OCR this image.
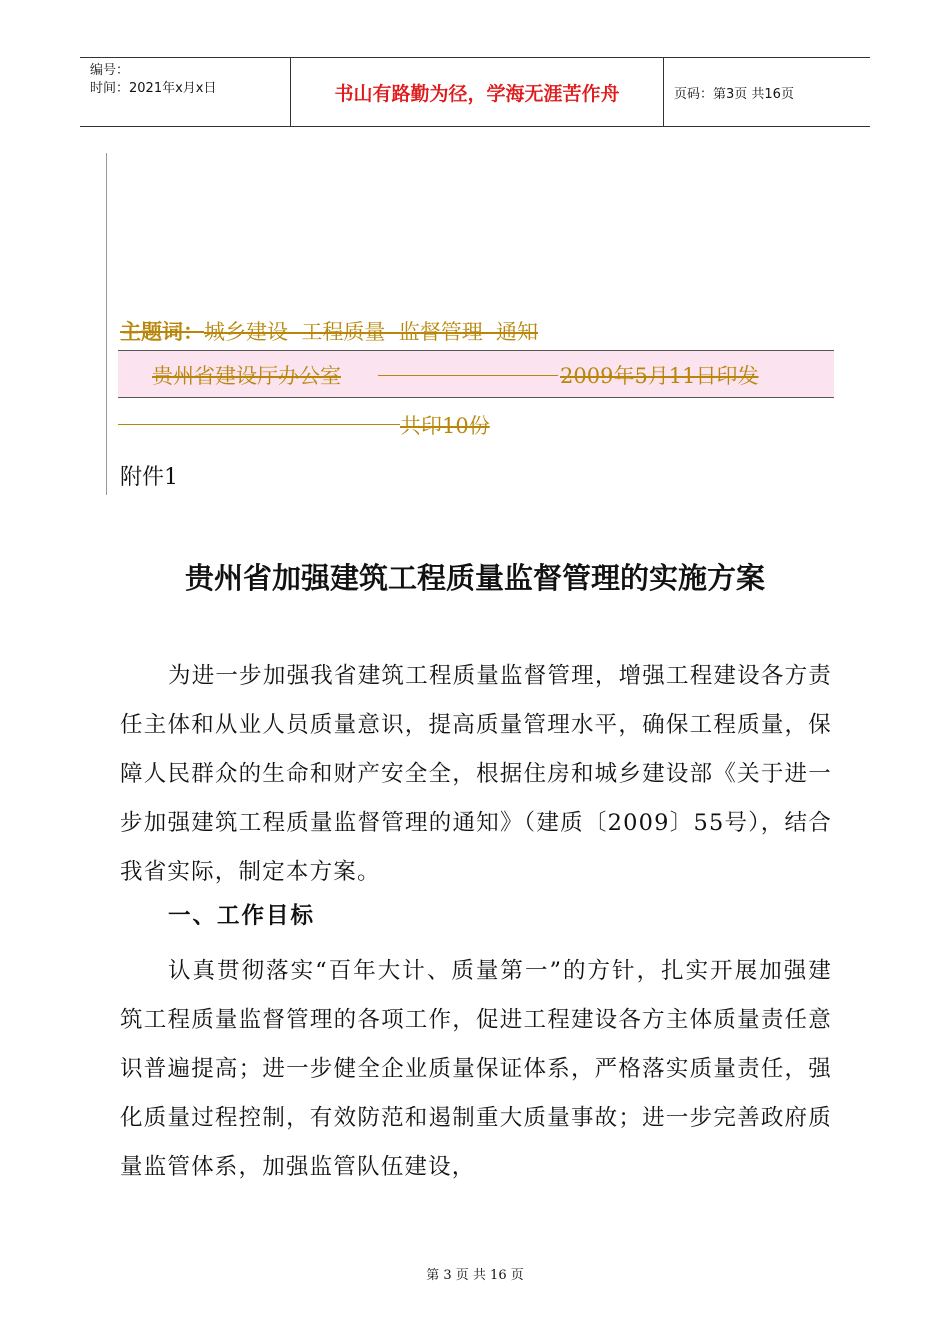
编号：
时间：2021年x月x日	书山有路勤为径，学海无涯苦作舟	页码：第3页 共16页
主题词：城乡建设  工程质量  监督管理  通知
贵州省建设厅办公室	2009年5月11日印发
共印10份
附件1
贵州省加强建筑工程质量监督管理的实施方案

为进一步加强我省建筑工程质量监督管理，增强工程建设各方责任主体和从业人员质量意识，提高质量管理水平，确保工程质量，保障人民群众的生命和财产安全全，根据住房和城乡建设部《关于进一步加强建筑工程质量监督管理的通知》（建质〔2009〕55号），结合我省实际，制定本方案。

一、工作目标

认真贯彻落实“百年大计、质量第一”的方针，扎实开展加强建筑工程质量监督管理的各项工作，促进工程建设各方主体质量责任意识普遍提高；进一步健全企业质量保证体系，严格落实质量责任，强化质量过程控制，有效防范和遏制重大质量事故；进一步完善政府质量监管体系，加强监管队伍建设，

第 3 页 共 16 页
